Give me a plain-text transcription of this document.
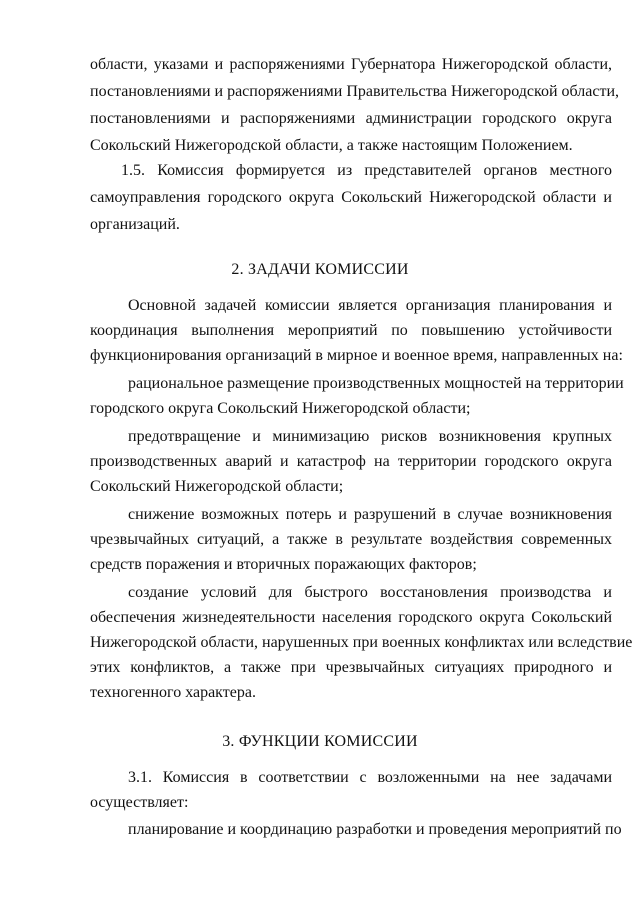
области, указами и распоряжениями Губернатора Нижегородской области,
постановлениями и распоряжениями Правительства Нижегородской области,
постановлениями и распоряжениями администрации городского округа
Сокольский Нижегородской области, а также настоящим Положением.
1.5. Комиссия формируется из представителей органов местного
самоуправления городского округа Сокольский Нижегородской области и
организаций.
2. ЗАДАЧИ КОМИССИИ
Основной задачей комиссии является организация планирования и
координация выполнения мероприятий по повышению устойчивости
функционирования организаций в мирное и военное время, направленных на:
рациональное размещение производственных мощностей на территории
городского округа Сокольский Нижегородской области;
предотвращение и минимизацию рисков возникновения крупных
производственных аварий и катастроф на территории городского округа
Сокольский Нижегородской области;
снижение возможных потерь и разрушений в случае возникновения
чрезвычайных ситуаций, а также в результате воздействия современных
средств поражения и вторичных поражающих факторов;
создание условий для быстрого восстановления производства и
обеспечения жизнедеятельности населения городского округа Сокольский
Нижегородской области, нарушенных при военных конфликтах или вследствие
этих конфликтов, а также при чрезвычайных ситуациях природного и
техногенного характера.
3. ФУНКЦИИ КОМИССИИ
3.1. Комиссия в соответствии с возложенными на нее задачами
осуществляет:
планирование и координацию разработки и проведения мероприятий по
